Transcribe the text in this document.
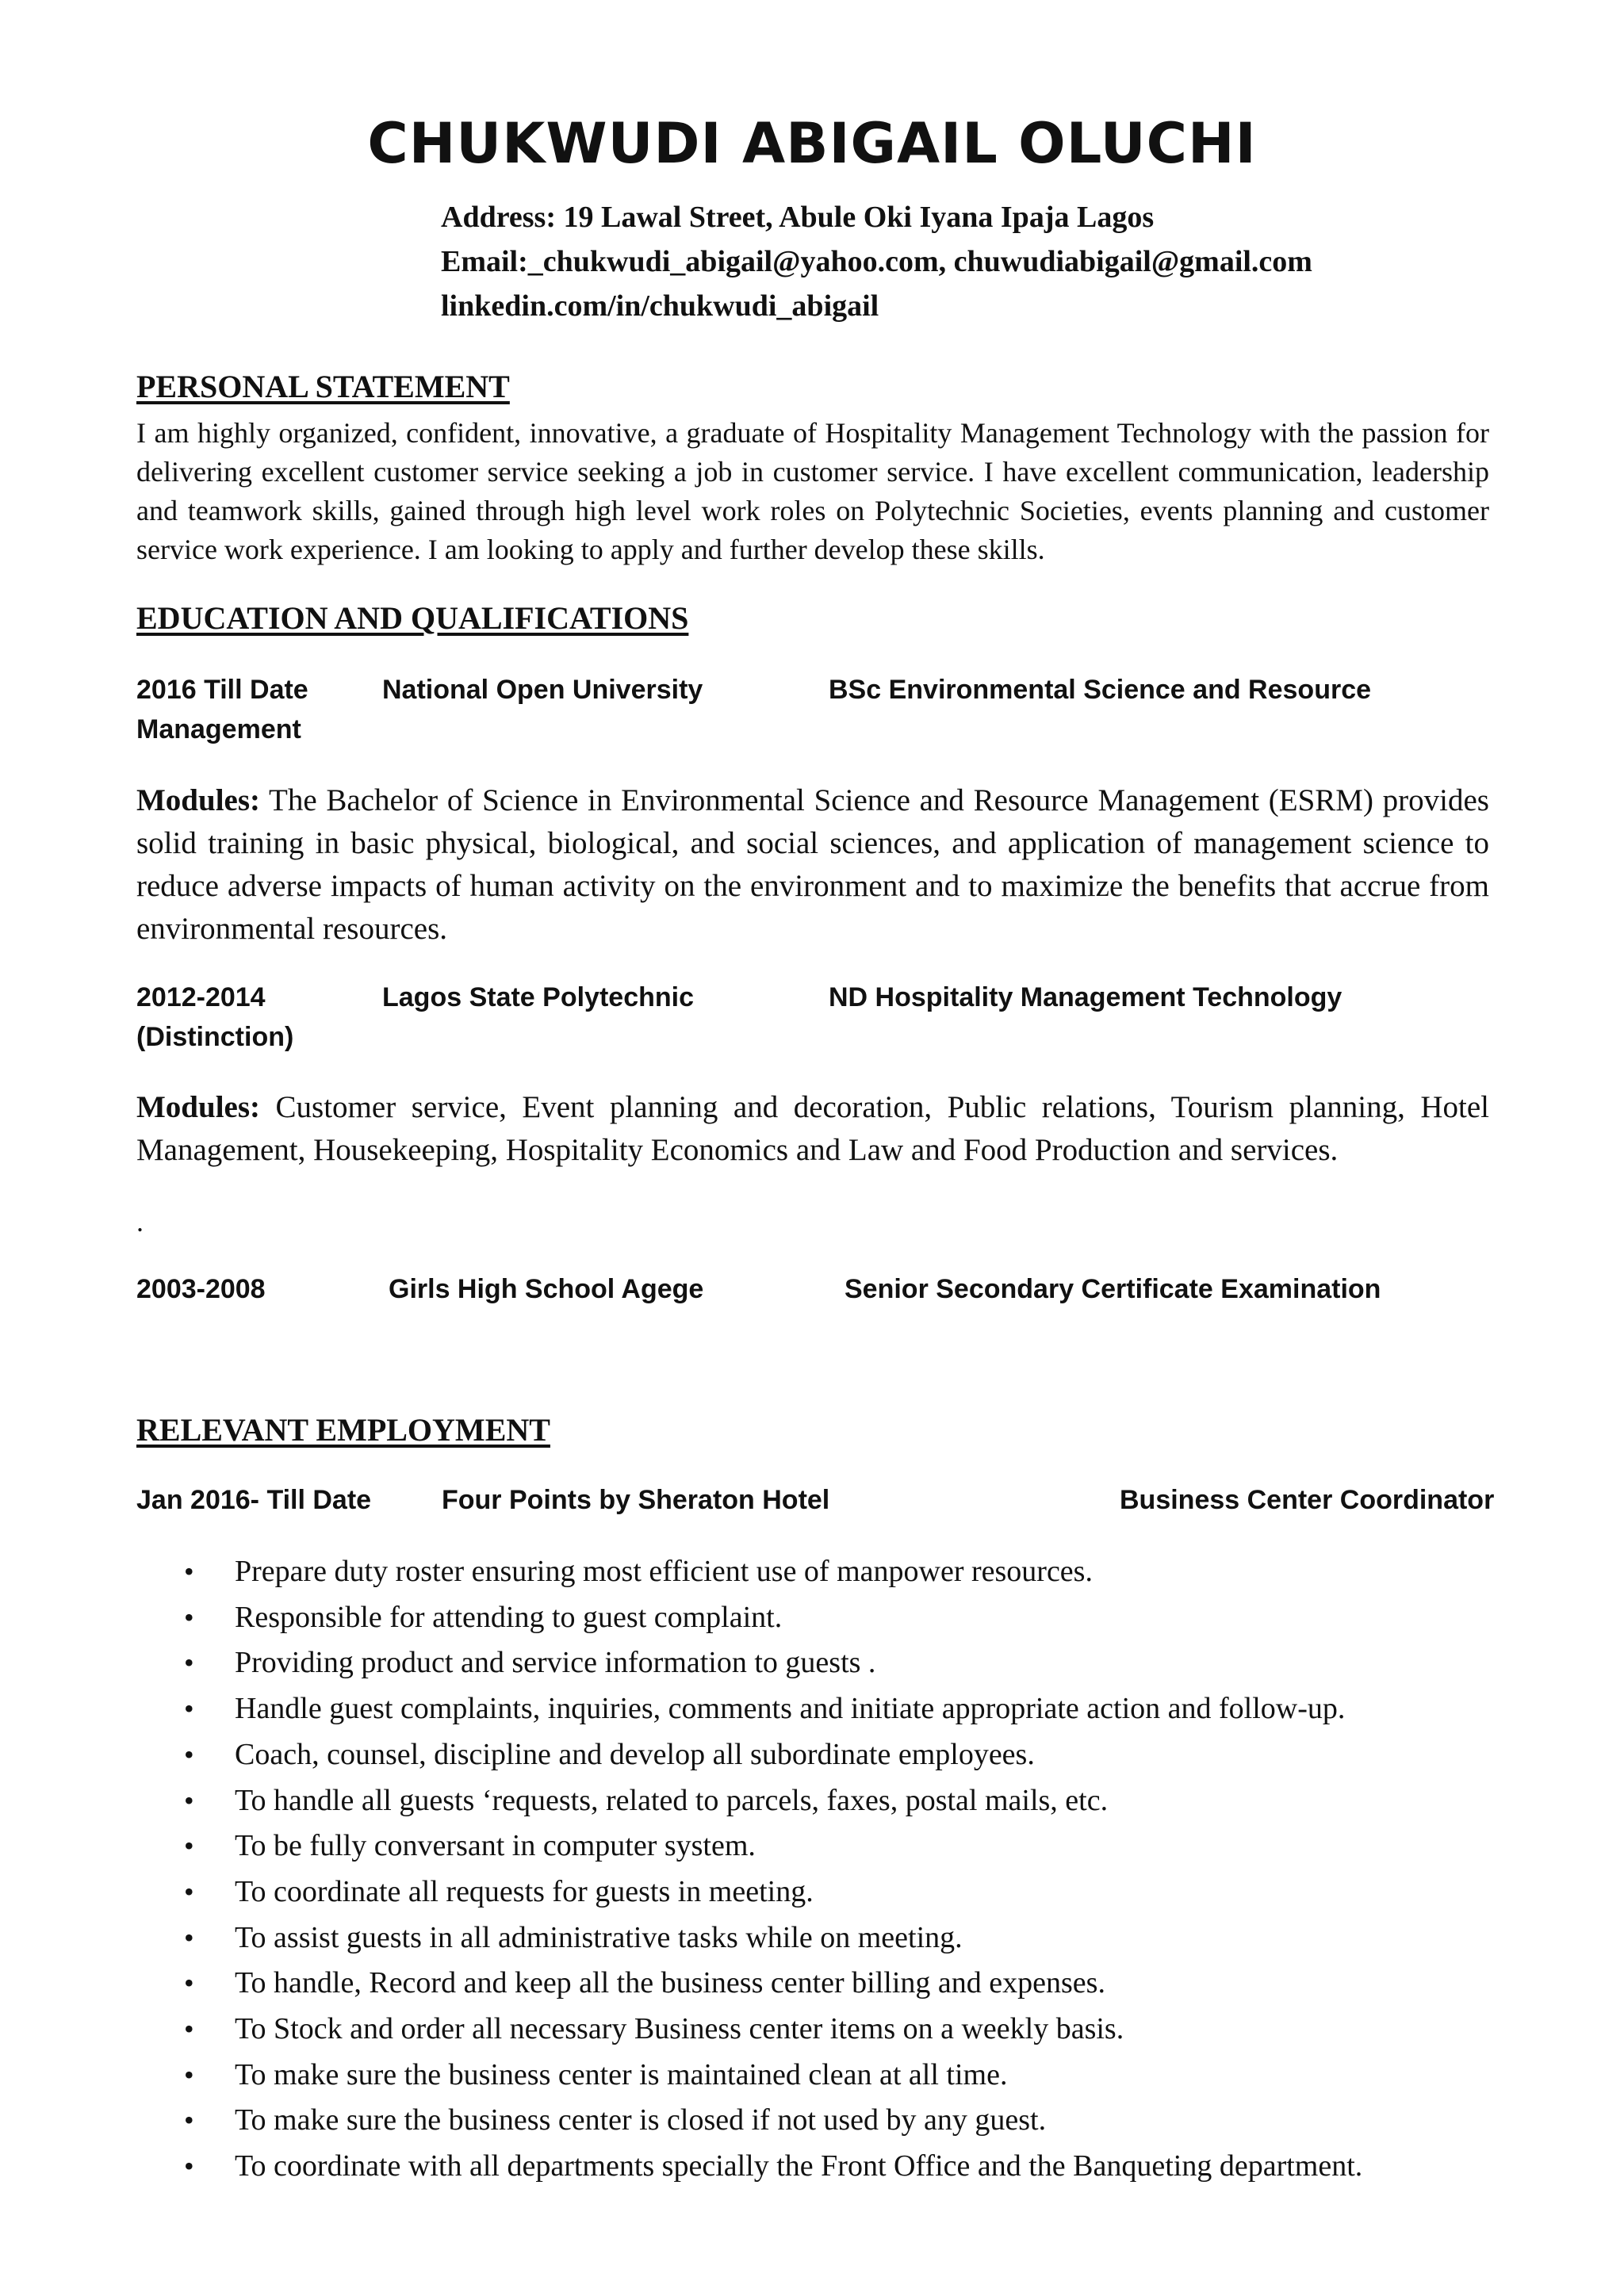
CHUKWUDI ABIGAIL OLUCHI
Address: 19 Lawal Street, Abule Oki Iyana Ipaja Lagos
Email:_chukwudi_abigail@yahoo.com, chuwudiabigail@gmail.com
linkedin.com/in/chukwudi_abigail
PERSONAL STATEMENT
I am highly organized, confident, innovative, a graduate of Hospitality Management Technology with the passion for delivering excellent customer service seeking a job in customer service. I have excellent communication, leadership and teamwork skills, gained through high level work roles on Polytechnic Societies, events planning and customer service work experience. I am looking to apply and further develop these skills.
EDUCATION AND QUALIFICATIONS
2016 Till Date	National Open University	BSc Environmental Science and Resource
Management
Modules: The Bachelor of Science in Environmental Science and Resource Management (ESRM) provides solid training in basic physical, biological, and social sciences, and application of management science to reduce adverse impacts of human activity on the environment and to maximize the benefits that accrue from environmental resources.
2012-2014	Lagos State Polytechnic	ND Hospitality Management Technology
(Distinction)
Modules: Customer service, Event planning and decoration, Public relations, Tourism planning, Hotel Management, Housekeeping, Hospitality Economics and Law and Food Production and services.
.
2003-2008	Girls High School Agege	Senior Secondary Certificate Examination
RELEVANT EMPLOYMENT
Jan 2016- Till Date	Four Points by Sheraton Hotel	Business Center Coordinator
• Prepare duty roster ensuring most efficient use of manpower resources.
• Responsible for attending to guest complaint.
• Providing product and service information to guests .
• Handle guest complaints, inquiries, comments and initiate appropriate action and follow-up.
• Coach, counsel, discipline and develop all subordinate employees.
• To handle all guests ‘requests, related to parcels, faxes, postal mails, etc.
• To be fully conversant in computer system.
• To coordinate all requests for guests in meeting.
• To assist guests in all administrative tasks while on meeting.
• To handle, Record and keep all the business center billing and expenses.
• To Stock and order all necessary Business center items on a weekly basis.
• To make sure the business center is maintained clean at all time.
• To make sure the business center is closed if not used by any guest.
• To coordinate with all departments specially the Front Office and the Banqueting department.
